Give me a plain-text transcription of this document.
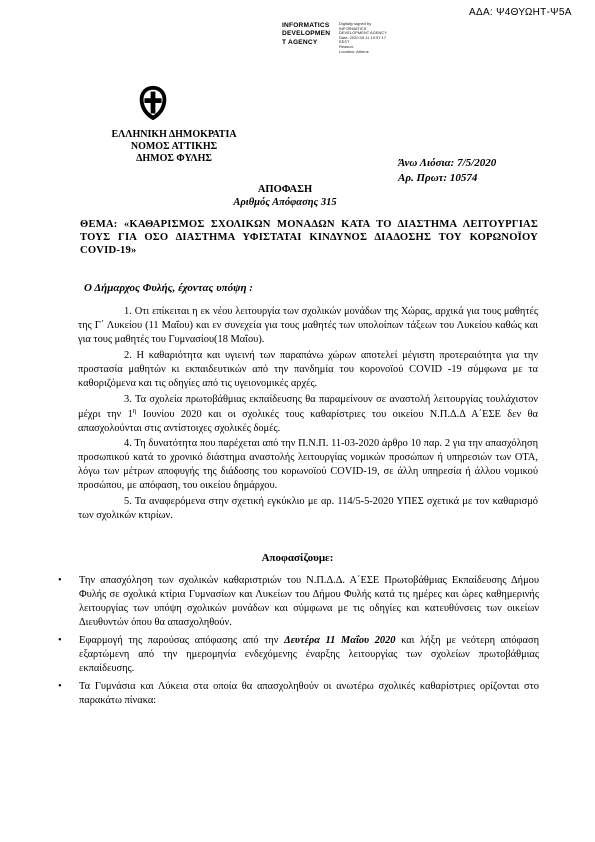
ΑΔΑ: Ψ4ΘΥΩΗΤ-Ψ5Α
INFORMATICS
DEVELOPMEN
T AGENCY
Digitally signed by
INFORMATICS
DEVELOPMENT AGENCY
Date: 2020.05.11 10:57:17
EEST
Reason:
Location: Athens
ΕΛΛΗΝΙΚΗ ΔΗΜΟΚΡΑΤΙΑ
ΝΟΜΟΣ ΑΤΤΙΚΗΣ
ΔΗΜΟΣ ΦΥΛΗΣ	Άνω Λιόσια: 7/5/2020
Αρ. Πρωτ: 10574
ΑΠΟΦΑΣΗ
Αριθμός Απόφασης 315
ΘΕΜΑ: «ΚΑΘΑΡΙΣΜΟΣ ΣΧΟΛΙΚΩΝ ΜΟΝΑΔΩΝ ΚΑΤΑ ΤΟ ΔΙΑΣΤΗΜΑ ΛΕΙΤΟΥΡΓΙΑΣ ΤΟΥΣ ΓΙΑ ΟΣΟ ΔΙΑΣΤΗΜΑ ΥΦΙΣΤΑΤΑΙ ΚΙΝΔΥΝΟΣ ΔΙΑΔΟΣΗΣ ΤΟΥ ΚΟΡΩΝΟΪΟΥ COVID-19»
Ο Δήμαρχος Φυλής, έχοντας υπόψη :

1. Οτι επίκειται η εκ νέου λειτουργία των σχολικών μονάδων της Χώρας, αρχικά για τους μαθητές της Γ΄ Λυκείου (11 Μαΐου) και εν συνεχεία για τους μαθητές των υπολοίπων τάξεων του Λυκείου καθώς και για τους μαθητές του Γυμνασίου(18 Μαΐου).

2. Η καθαριότητα και υγιεινή των παραπάνω χώρων αποτελεί μέγιστη προτεραιότητα για την προστασία μαθητών κι εκπαιδευτικών από την πανδημία του κορονοϊού COVID -19 σύμφωνα με τα καθοριζόμενα και τις οδηγίες από τις υγειονομικές αρχές.

3. Τα σχολεία πρωτοβάθμιας εκπαίδευσης θα παραμείνουν σε αναστολή λειτουργίας τουλάχιστον μέχρι την $1^\eta$ Ιουνίου 2020 και οι σχολικές τους καθαρίστριες του οικείου Ν.Π.Δ.Δ Α΄ΕΣΕ δεν θα απασχολούνται στις αντίστοιχες σχολικές δομές.

4. Τη δυνατότητα που παρέχεται από την Π.Ν.Π. 11-03-2020 άρθρο 10 παρ. 2 για την απασχόληση προσωπικού κατά το χρονικό διάστημα αναστολής λειτουργίας νομικών προσώπων ή υπηρεσιών των ΟΤΑ, λόγω των μέτρων αποφυγής της διάδοσης του κορωνοϊού COVID-19, σε άλλη υπηρεσία ή άλλου νομικού προσώπου, με απόφαση, του οικείου δημάρχου.

5. Τα αναφερόμενα στην σχετική εγκύκλιο με αρ. 114/5-5-2020 ΥΠΕΣ σχετικά με τον καθαρισμό των σχολικών κτιρίων.

Αποφασίζουμε:
• Την απασχόληση των σχολικών καθαριστριών του Ν.Π.Δ.Δ. Α΄ΕΣΕ Πρωτοβάθμιας Εκπαίδευσης Δήμου Φυλής σε σχολικά κτίρια Γυμνασίων και Λυκείων του Δήμου Φυλής κατά τις ημέρες και ώρες καθημερινής λειτουργίας των υπόψη σχολικών μονάδων και σύμφωνα με τις οδηγίες και κατευθύνσεις των οικείων Διευθυντών όπου θα απασχοληθούν.
• Εφαρμογή της παρούσας απόφασης από την Δευτέρα 11 Μαΐου 2020 και λήξη με νεότερη απόφαση εξαρτώμενη από την ημερομηνία ενδεχόμενης έναρξης λειτουργίας των σχολείων πρωτοβάθμιας εκπαίδευσης.
• Τα Γυμνάσια και Λύκεια στα οποία θα απασχοληθούν οι ανωτέρω σχολικές καθαρίστριες ορίζονται στο παρακάτω πίνακα:
